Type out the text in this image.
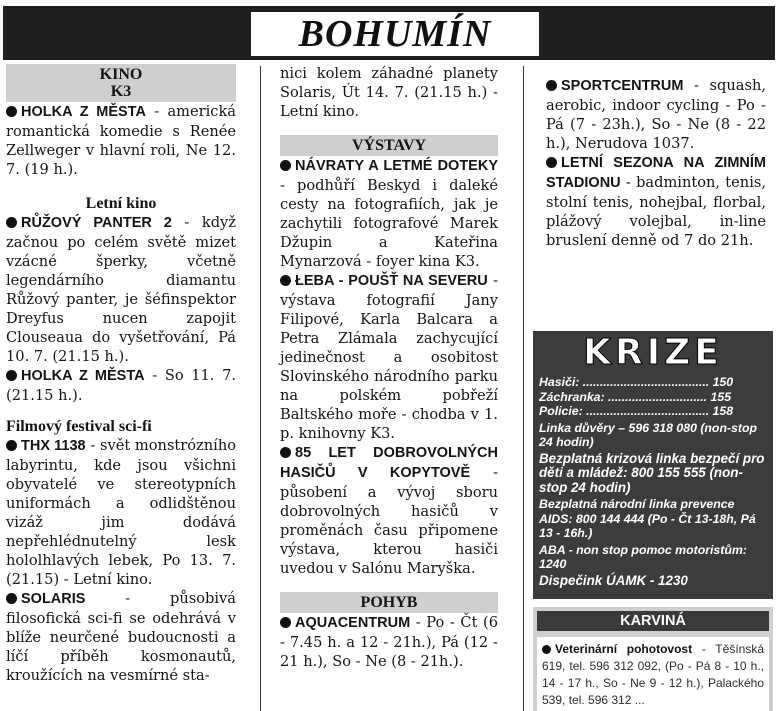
BOHUMÍN
KINO
K3
HOLKA Z MĚSTA - americká romantická komedie s Renée Zellweger v hlavní roli, Ne 12. 7. (19 h.).
Letní kino
RŮŽOVÝ PANTER 2 - když začnou po celém světě mizet vzácné šperky, včetně legendárního diamantu Růžový panter, je šéfinspektor Dreyfus nucen zapojit Clouseaua do vyšetřování, Pá 10. 7. (21.15 h.).
HOLKA Z MĚSTA - So 11. 7. (21.15 h.).
Filmový festival sci-fi
THX 1138 - svět monstrózního labyrintu, kde jsou všichni obyvatelé ve stereotypních uniformách a odlidštěnou vizáž jim dodává nepřehlédnutelný lesk hololhlavých lebek, Po 13. 7. (21.15) - Letní kino.
SOLARIS	- působivá filosofická sci-fi se odehrává v blíže neurčené budoucnosti a líčí příběh kosmonautů, kroužících na vesmírné sta-
nici kolem záhadné planety Solaris, Út 14. 7. (21.15 h.) - Letní kino.
VÝSTAVY
NÁVRATY A LETMÉ DOTEKY - podhůří Beskyd i daleké cesty na fotografiích, jak je zachytili fotografové Marek Džupin a Kateřina Mynarzová - foyer kina K3.
ŁEBA - POUŠŤ NA SEVERU - výstava fotografií Jany Filipové, Karla Balcara a Petra Zlámala zachycující jedinečnost a osobitost Slovinského národního parku na polském pobřeží Baltského moře - chodba v 1. p. knihovny K3.
85 LET DOBROVOLNÝCH HASIČŮ V KOPYTOVĚ - působení a vývoj sboru dobrovolných hasičů v proměnách času připomene výstava, kterou hasiči uvedou v Salónu Maryška.
POHYB
AQUACENTRUM - Po - Čt (6 - 7.45 h. a 12 - 21h.), Pá (12 - 21 h.), So - Ne (8 - 21h.).
SPORTCENTRUM - squash, aerobic, indoor cycling - Po - Pá (7 - 23h.), So - Ne (8 - 22 h.), Nerudova 1037.
LETNÍ SEZONA NA ZIMNÍM STADIONU - badminton, tenis, stolní tenis, nohejbal, florbal, plážový volejbal, in-line bruslení denně od 7 do 21h.
KRIZE
Hasiči: ..................................... 150
Záchranka: ............................. 155
Policie: .................................... 158
Linka důvěry – 596 318 080 (non-stop 24 hodin)
Bezplatná krizová linka bezpečí pro děti a mládež: 800 155 555 (non-stop 24 hodin)
Bezplatná národní linka prevence AIDS: 800 144 444 (Po - Čt 13-18h, Pá 13 - 16h.)
ABA - non stop pomoc motoristům: 1240
Dispečink ÚAMK - 1230
KARVINÁ
Veterinární pohotovost - Těšínská 619, tel. 596 312 092, (Po - Pá 8 - 10 h., 14 - 17 h., So - Ne 9 - 12 h.), Palackého 539, tel. 596 312 ...
